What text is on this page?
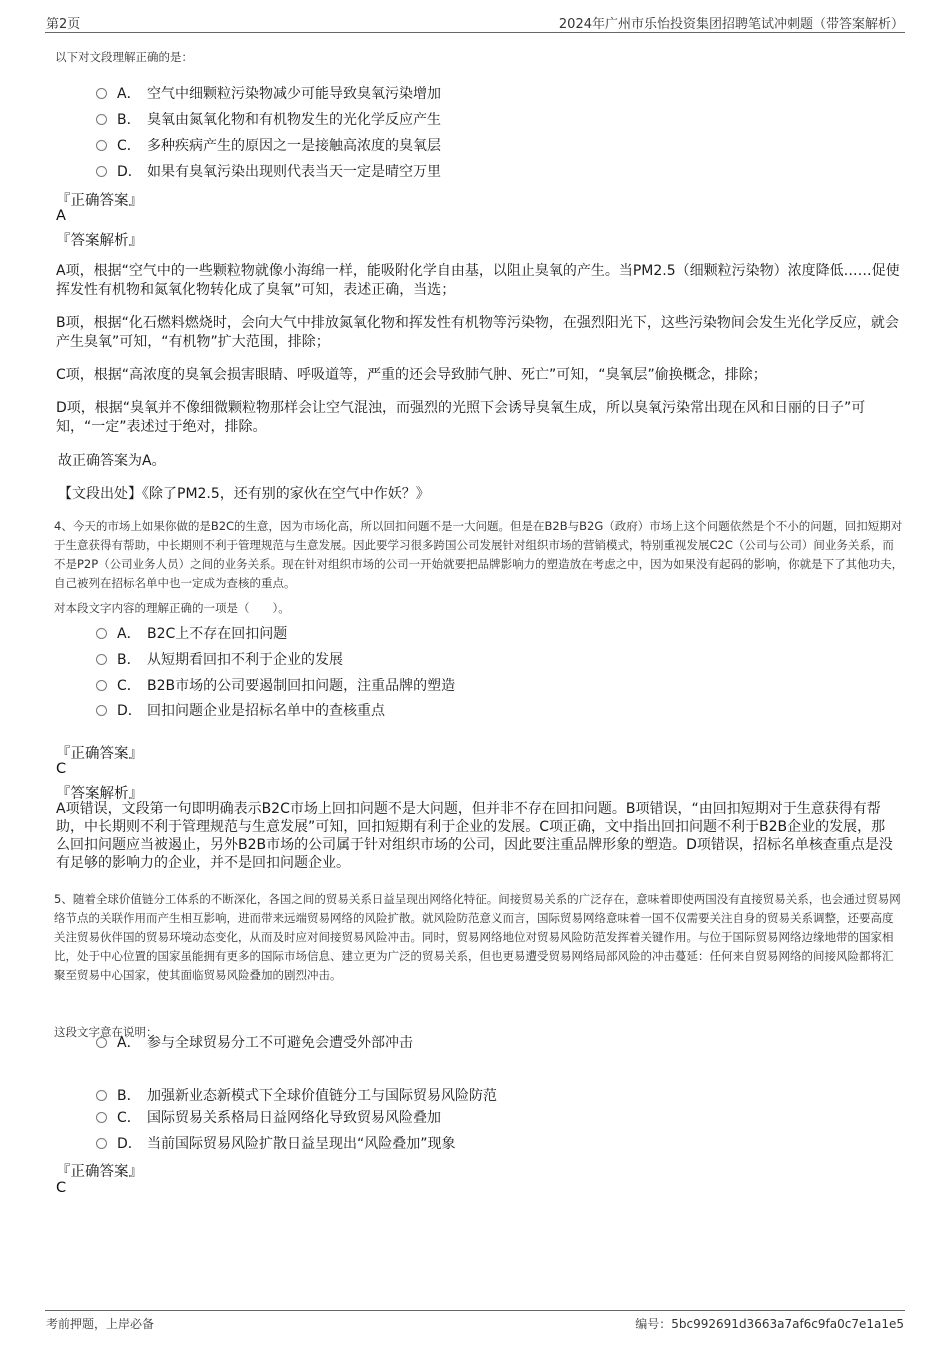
第2页	2024年广州市乐怡投资集团招聘笔试冲刺题（带答案解析）
以下对文段理解正确的是：
A． 空气中细颗粒污染物减少可能导致臭氧污染增加
B． 臭氧由氮氧化物和有机物发生的光化学反应产生
C． 多种疾病产生的原因之一是接触高浓度的臭氧层
D． 如果有臭氧污染出现则代表当天一定是晴空万里
『正确答案』
A
『答案解析』
A项，根据“空气中的一些颗粒物就像小海绵一样，能吸附化学自由基，以阻止臭氧的产生。当PM2.5（细颗粒污染物）浓度降低……促使挥发性有机物和氮氧化物转化成了臭氧”可知，表述正确，当选；
B项，根据“化石燃料燃烧时，会向大气中排放氮氧化物和挥发性有机物等污染物，在强烈阳光下，这些污染物间会发生光化学反应，就会产生臭氧”可知，“有机物”扩大范围，排除；
C项，根据“高浓度的臭氧会损害眼睛、呼吸道等，严重的还会导致肺气肿、死亡”可知，“臭氧层”偷换概念，排除；
D项，根据“臭氧并不像细微颗粒物那样会让空气混浊，而强烈的光照下会诱导臭氧生成，所以臭氧污染常出现在风和日丽的日子”可知，“一定”表述过于绝对，排除。
故正确答案为A。
【文段出处】《除了PM2.5，还有别的家伙在空气中作妖？》
4、今天的市场上如果你做的是B2C的生意，因为市场化高，所以回扣问题不是一大问题。但是在B2B与B2G（政府）市场上这个问题依然是个不小的问题，回扣短期对于生意获得有帮助，中长期则不利于管理规范与生意发展。因此要学习很多跨国公司发展针对组织市场的营销模式，特别重视发展C2C（公司与公司）间业务关系，而不是P2P（公司业务人员）之间的业务关系。现在针对组织市场的公司一开始就要把品牌影响力的塑造放在考虑之中，因为如果没有起码的影响，你就是下了其他功夫，自己被列在招标名单中也一定成为查核的重点。
对本段文字内容的理解正确的一项是（　　）。
A． B2C上不存在回扣问题
B． 从短期看回扣不利于企业的发展
C． B2B市场的公司要遏制回扣问题，注重品牌的塑造
D． 回扣问题企业是招标名单中的查核重点
『正确答案』
C
『答案解析』
A项错误，文段第一句即明确表示B2C市场上回扣问题不是大问题，但并非不存在回扣问题。B项错误，“由回扣短期对于生意获得有帮助，中长期则不利于管理规范与生意发展”可知，回扣短期有利于企业的发展。C项正确，文中指出回扣问题不利于B2B企业的发展，那么回扣问题应当被遏止，另外B2B市场的公司属于针对组织市场的公司，因此要注重品牌形象的塑造。D项错误，招标名单核查重点是没有足够的影响力的企业，并不是回扣问题企业。
5、随着全球价值链分工体系的不断深化，各国之间的贸易关系日益呈现出网络化特征。间接贸易关系的广泛存在，意味着即使两国没有直接贸易关系，也会通过贸易网络节点的关联作用而产生相互影响，进而带来远端贸易网络的风险扩散。就风险防范意义而言，国际贸易网络意味着一国不仅需要关注自身的贸易关系调整，还要高度关注贸易伙伴国的贸易环境动态变化，从而及时应对间接贸易风险冲击。同时，贸易网络地位对贸易风险防范发挥着关键作用。与位于国际贸易网络边缘地带的国家相比，处于中心位置的国家虽能拥有更多的国际市场信息、建立更为广泛的贸易关系，但也更易遭受贸易网络局部风险的冲击蔓延：任何来自贸易网络的间接风险都将汇聚至贸易中心国家，使其面临贸易风险叠加的剧烈冲击。
这段文字意在说明：
A． 参与全球贸易分工不可避免会遭受外部冲击
B． 加强新业态新模式下全球价值链分工与国际贸易风险防范
C． 国际贸易关系格局日益网络化导致贸易风险叠加
D． 当前国际贸易风险扩散日益呈现出“风险叠加”现象
『正确答案』
C
考前押题，上岸必备	编号：5bc992691d3663a7af6c9fa0c7e1a1e5
